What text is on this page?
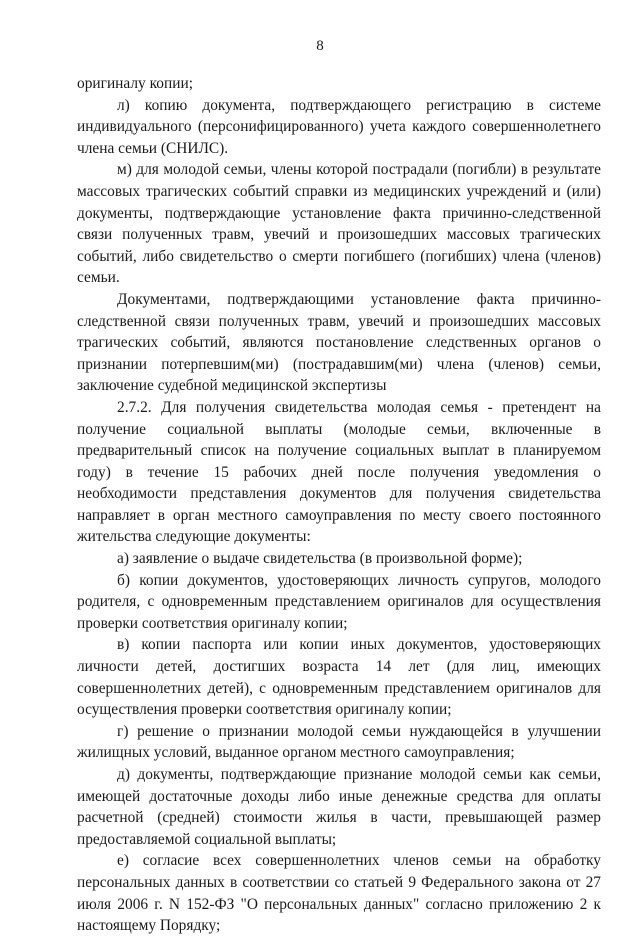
8

оригиналу копии;

л) копию документа, подтверждающего регистрацию в системе индивидуального (персонифицированного) учета каждого совершеннолетнего члена семьи (СНИЛС).

м) для молодой семьи, члены которой пострадали (погибли) в результате массовых трагических событий справки из медицинских учреждений и (или) документы, подтверждающие установление факта причинно-следственной связи полученных травм, увечий и произошедших массовых трагических событий, либо свидетельство о смерти погибшего (погибших) члена (членов) семьи.

Документами, подтверждающими установление факта причинно-следственной связи полученных травм, увечий и произошедших массовых трагических событий, являются постановление следственных органов о признании потерпевшим(ми) (пострадавшим(ми) члена (членов) семьи, заключение судебной медицинской экспертизы

2.7.2. Для получения свидетельства молодая семья - претендент на получение социальной выплаты (молодые семьи, включенные в предварительный список на получение социальных выплат в планируемом году) в течение 15 рабочих дней после получения уведомления о необходимости представления документов для получения свидетельства направляет в орган местного самоуправления по месту своего постоянного жительства следующие документы:

а) заявление о выдаче свидетельства (в произвольной форме);

б) копии документов, удостоверяющих личность супругов, молодого родителя, с одновременным представлением оригиналов для осуществления проверки соответствия оригиналу копии;

в) копии паспорта или копии иных документов, удостоверяющих личности детей, достигших возраста 14 лет (для лиц, имеющих совершеннолетних детей), с одновременным представлением оригиналов для осуществления проверки соответствия оригиналу копии;

г) решение о признании молодой семьи нуждающейся в улучшении жилищных условий, выданное органом местного самоуправления;

д) документы, подтверждающие признание молодой семьи как семьи, имеющей достаточные доходы либо иные денежные средства для оплаты расчетной (средней) стоимости жилья в части, превышающей размер предоставляемой социальной выплаты;

е) согласие всех совершеннолетних членов семьи на обработку персональных данных в соответствии со статьей 9 Федерального закона от 27 июля 2006 г. N 152-ФЗ "О персональных данных" согласно приложению 2 к настоящему Порядку;
